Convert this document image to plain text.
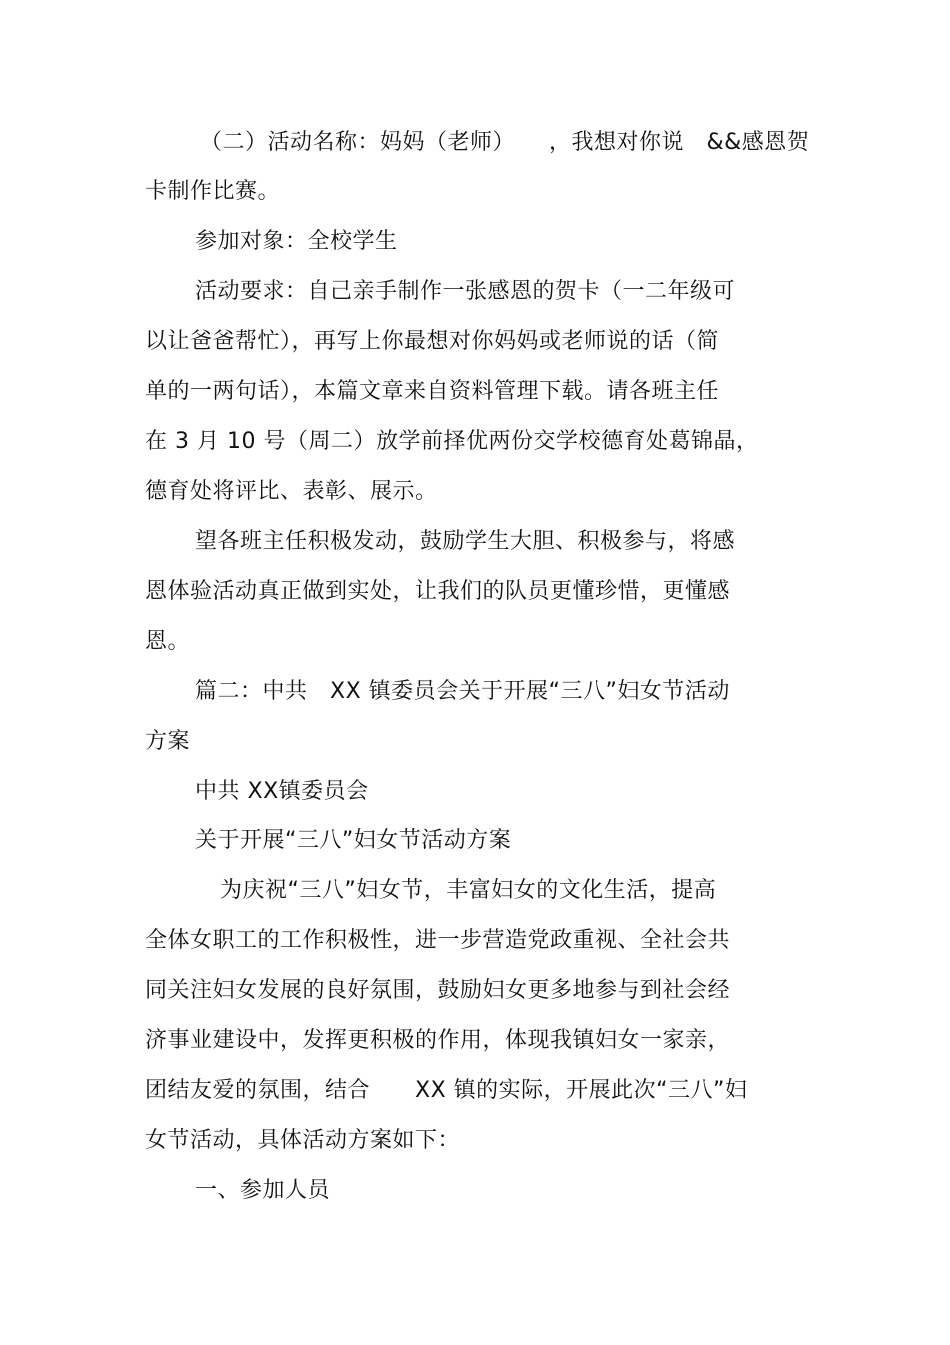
（二）活动名称：妈妈（老师）　　，我想对你说　&&感恩贺
卡制作比赛。
参加对象：全校学生
活动要求：自己亲手制作一张感恩的贺卡（一二年级可
以让爸爸帮忙），再写上你最想对你妈妈或老师说的话（简
单的一两句话），本篇文章来自资料管理下载。请各班主任
在 3 月 10 号（周二）放学前择优两份交学校德育处葛锦晶，
德育处将评比、表彰、展示。
望各班主任积极发动，鼓励学生大胆、积极参与，将感
恩体验活动真正做到实处，让我们的队员更懂珍惜，更懂感
恩。
篇二：中共　XX 镇委员会关于开展“三八”妇女节活动
方案
中共 XX镇委员会
关于开展“三八”妇女节活动方案
为庆祝“三八”妇女节，丰富妇女的文化生活，提高
全体女职工的工作积极性，进一步营造党政重视、全社会共
同关注妇女发展的良好氛围，鼓励妇女更多地参与到社会经
济事业建设中，发挥更积极的作用，体现我镇妇女一家亲，
团结友爱的氛围，结合　　XX 镇的实际，开展此次“三八”妇
女节活动，具体活动方案如下：
一、参加人员
